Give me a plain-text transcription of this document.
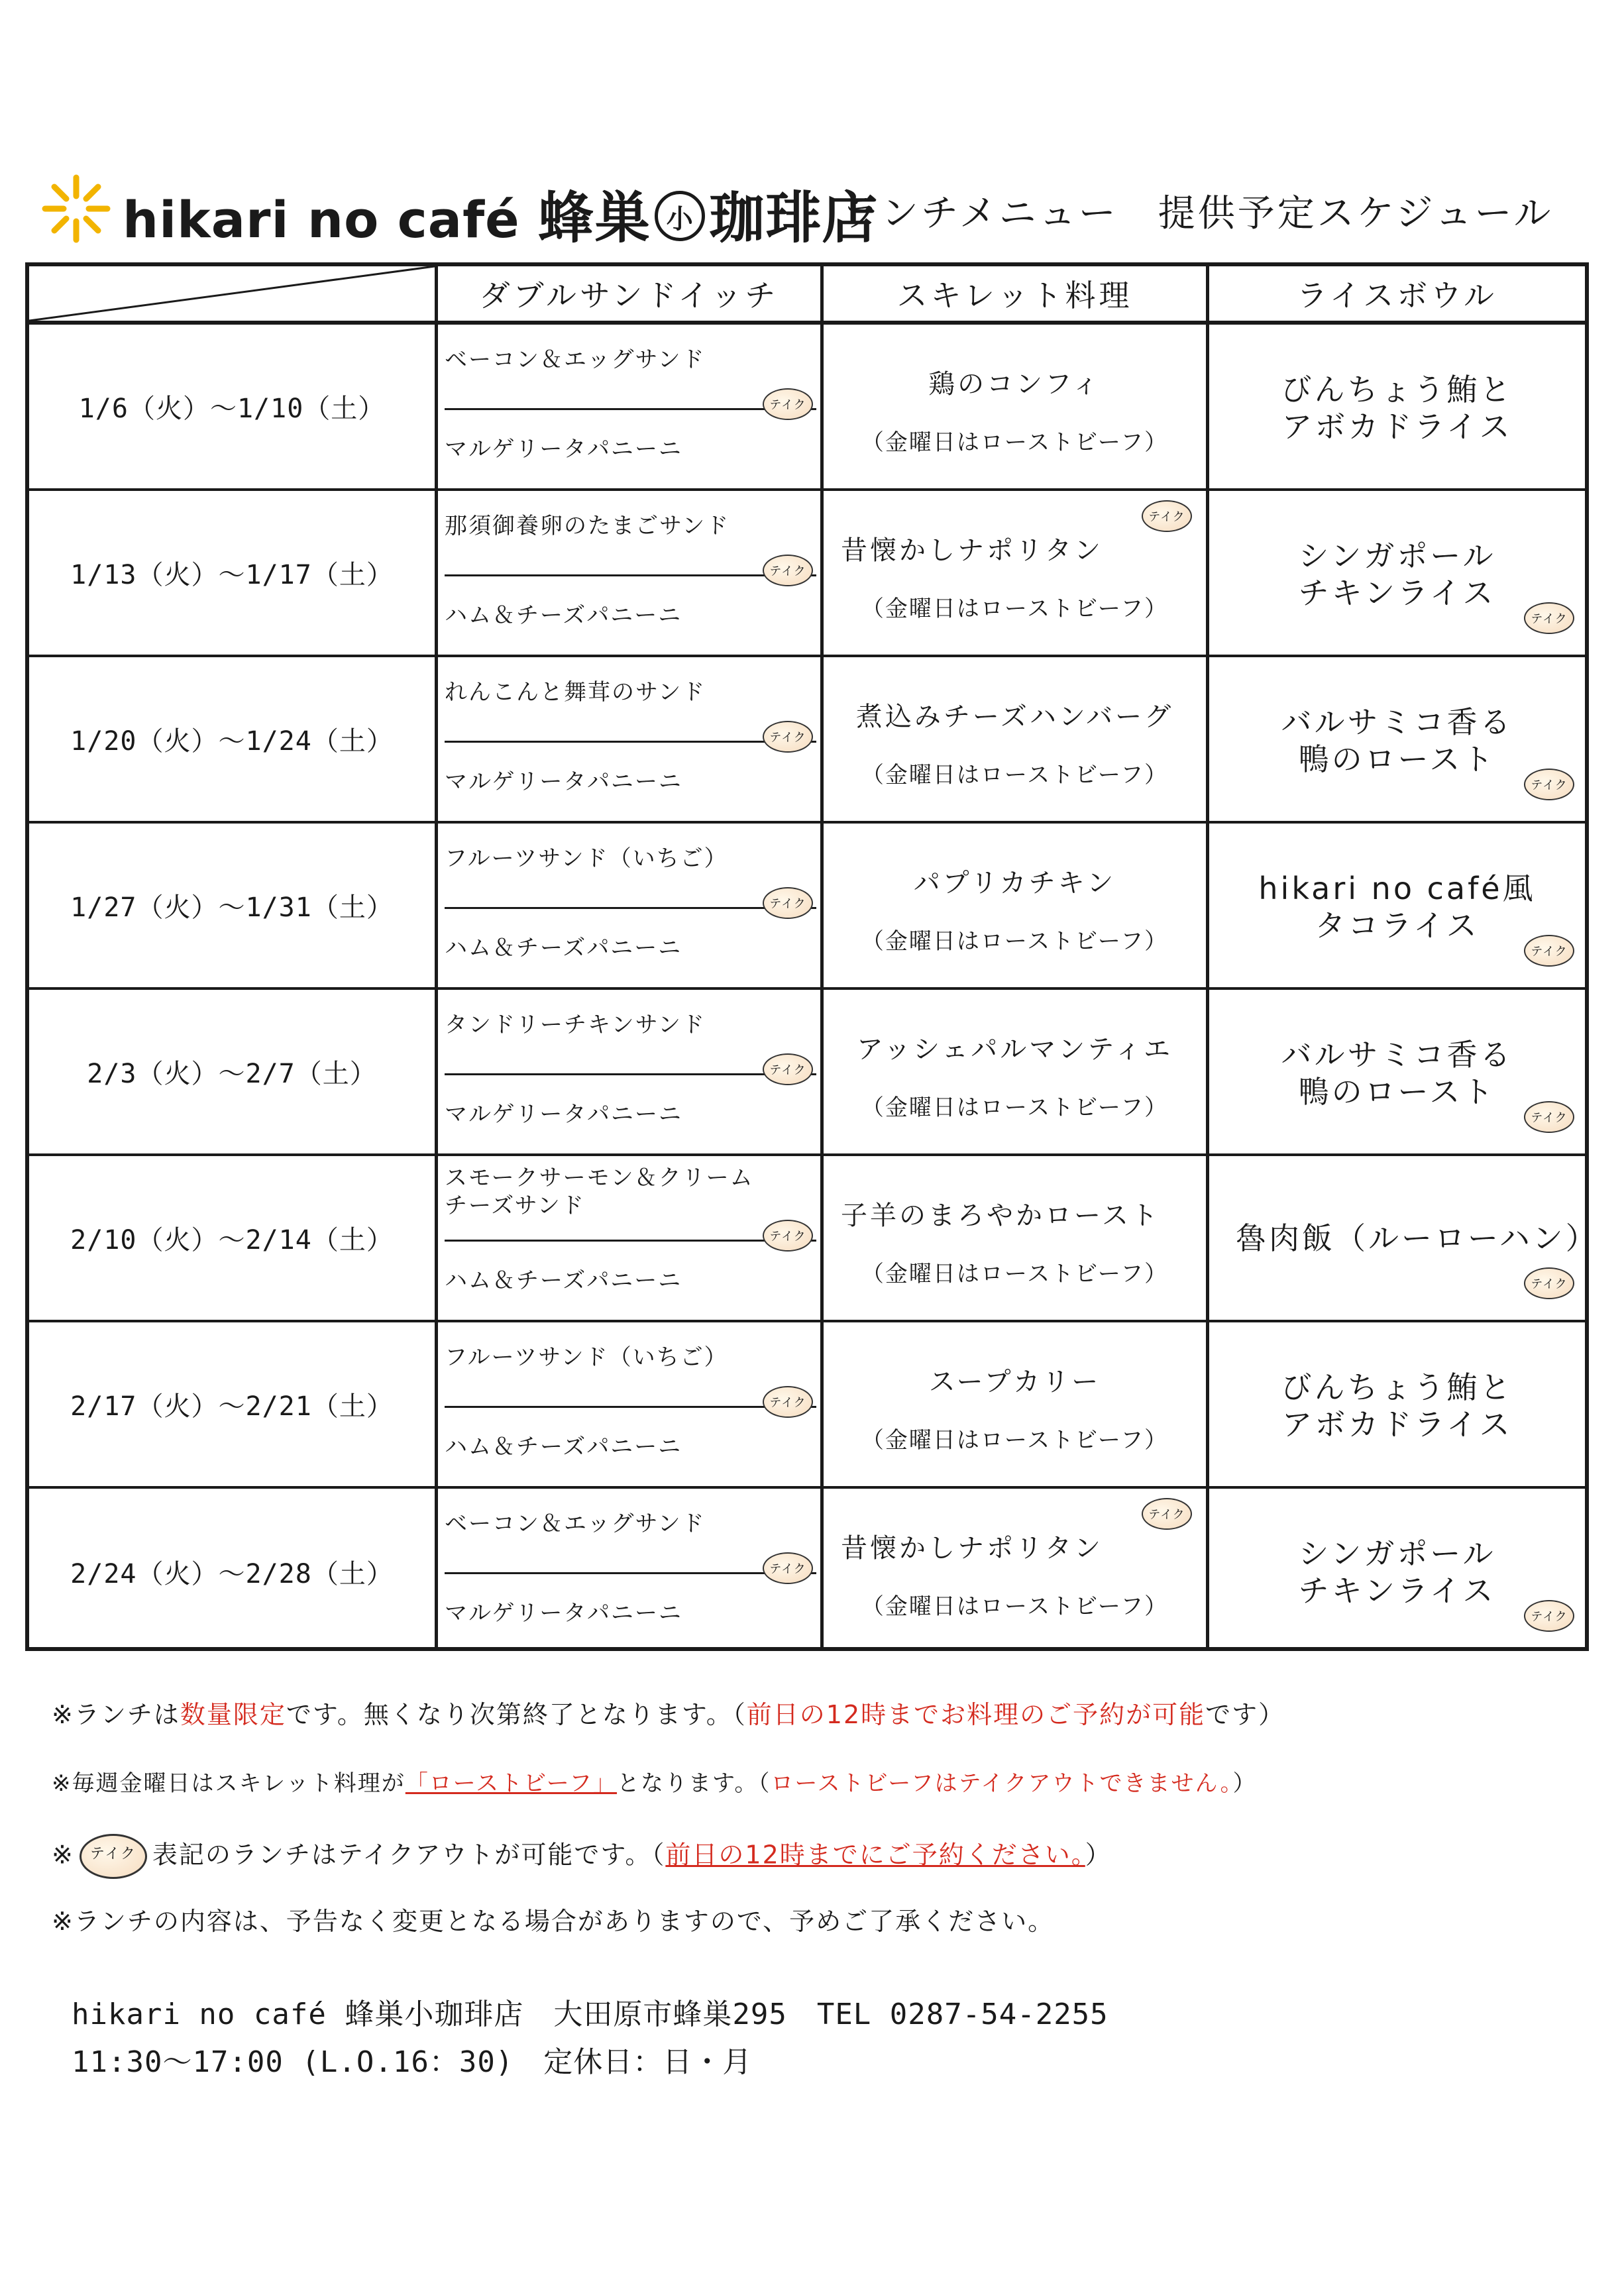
hikari no café 蜂巣小 珈琲店
ランチメニュー　提供予定スケジュール
ダブルサンドイッチ	スキレット料理	ライスボウル
1/6（火）～1/10（土）
ベーコン＆エッグサンド
マルゲリータパニーニ
テイク
鶏のコンフィ
（金曜日はローストビーフ）
びんちょう鮪と
アボカドライス
1/13（火）～1/17（土）
那須御養卵のたまごサンド
ハム＆チーズパニーニ
テイク
昔懐かしナポリタン
（金曜日はローストビーフ）
テイク
シンガポール
チキンライス
テイク
1/20（火）～1/24（土）
れんこんと舞茸のサンド
マルゲリータパニーニ
テイク
煮込みチーズハンバーグ
（金曜日はローストビーフ）
バルサミコ香る
鴨のロースト
テイク
1/27（火）～1/31（土）
フルーツサンド（いちご）
ハム＆チーズパニーニ
テイク
パプリカチキン
（金曜日はローストビーフ）
hikari no café風
タコライス
テイク
2/3（火）～2/7（土）
タンドリーチキンサンド
マルゲリータパニーニ
テイク
アッシェパルマンティエ
（金曜日はローストビーフ）
バルサミコ香る
鴨のロースト
テイク
2/10（火）～2/14（土）
スモークサーモン＆クリーム
チーズサンド
ハム＆チーズパニーニ
テイク
子羊のまろやかロースト
（金曜日はローストビーフ）
魯肉飯（ルーローハン）
テイク
2/17（火）～2/21（土）
フルーツサンド（いちご）
ハム＆チーズパニーニ
テイク
スープカリー
（金曜日はローストビーフ）
びんちょう鮪と
アボカドライス
2/24（火）～2/28（土）
ベーコン＆エッグサンド
マルゲリータパニーニ
テイク
昔懐かしナポリタン
（金曜日はローストビーフ）
テイク
シンガポール
チキンライス
テイク
※ランチは数量限定です。無くなり次第終了となります。（前日の12時までお料理のご予約が可能です）
※毎週金曜日はスキレット料理が「ローストビーフ」となります。（ローストビーフはテイクアウトできません。）
※ テイク 表記のランチはテイクアウトが可能です。（前日の12時までにご予約ください。）
※ランチの内容は、予告なく変更となる場合がありますので、予めご了承ください。
hikari no café 蜂巣小珈琲店　大田原市蜂巣295　TEL 0287-54-2255
11:30～17:00 (L.O.16：30)　定休日：日・月
